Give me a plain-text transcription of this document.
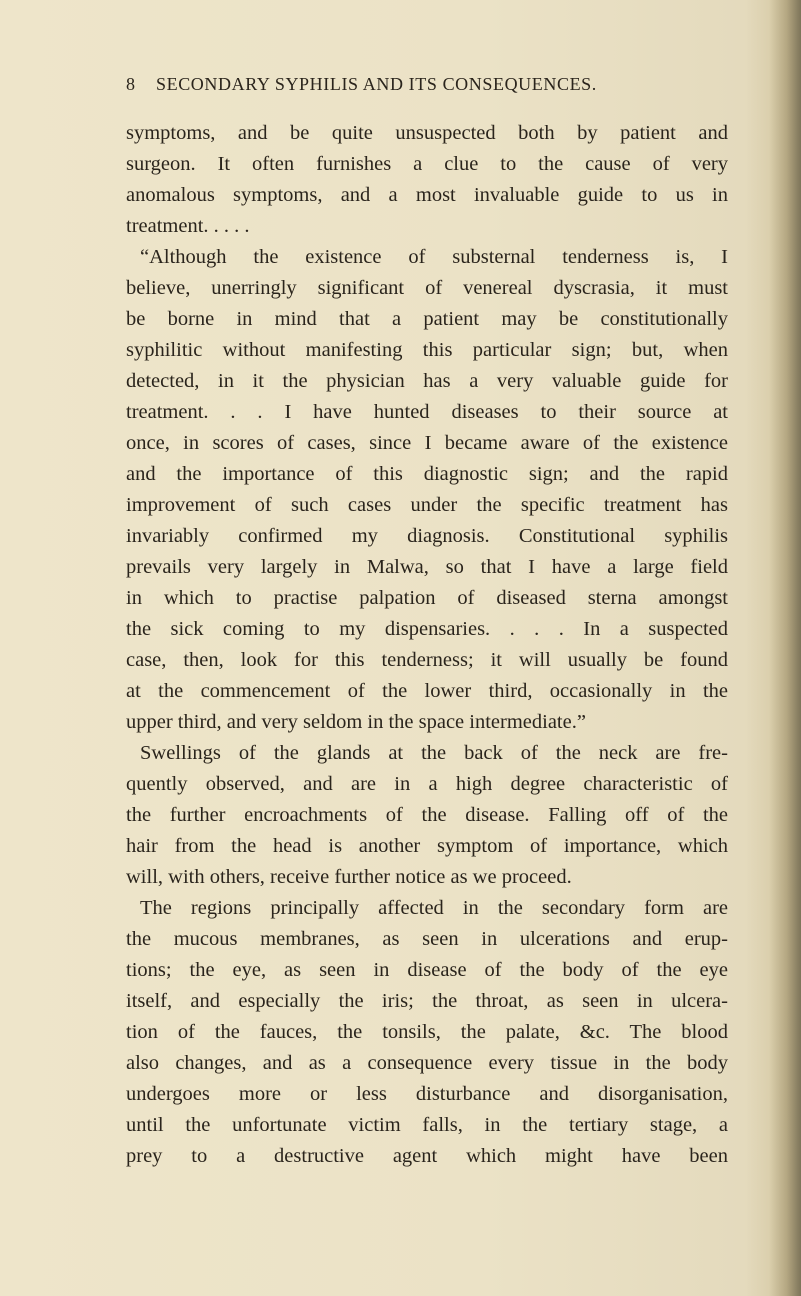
8 SECONDARY SYPHILIS AND ITS CONSEQUENCES.
symptoms, and be quite unsuspected both by patient and
surgeon. It often furnishes a clue to the cause of very
anomalous symptoms, and a most invaluable guide to us in
treatment. . . . .
“Although the existence of substernal tenderness is, I
believe, unerringly significant of venereal dyscrasia, it must
be borne in mind that a patient may be constitutionally
syphilitic without manifesting this particular sign; but, when
detected, in it the physician has a very valuable guide for
treatment. . . I have hunted diseases to their source at
once, in scores of cases, since I became aware of the existence
and the importance of this diagnostic sign; and the rapid
improvement of such cases under the specific treatment has
invariably confirmed my diagnosis. Constitutional syphilis
prevails very largely in Malwa, so that I have a large field
in which to practise palpation of diseased sterna amongst
the sick coming to my dispensaries. . . . In a suspected
case, then, look for this tenderness; it will usually be found
at the commencement of the lower third, occasionally in the
upper third, and very seldom in the space intermediate.”
Swellings of the glands at the back of the neck are fre-
quently observed, and are in a high degree characteristic of
the further encroachments of the disease. Falling off of the
hair from the head is another symptom of importance, which
will, with others, receive further notice as we proceed.
The regions principally affected in the secondary form are
the mucous membranes, as seen in ulcerations and erup-
tions; the eye, as seen in disease of the body of the eye
itself, and especially the iris; the throat, as seen in ulcera-
tion of the fauces, the tonsils, the palate, &c. The blood
also changes, and as a consequence every tissue in the body
undergoes more or less disturbance and disorganisation,
until the unfortunate victim falls, in the tertiary stage, a
prey to a destructive agent which might have been
